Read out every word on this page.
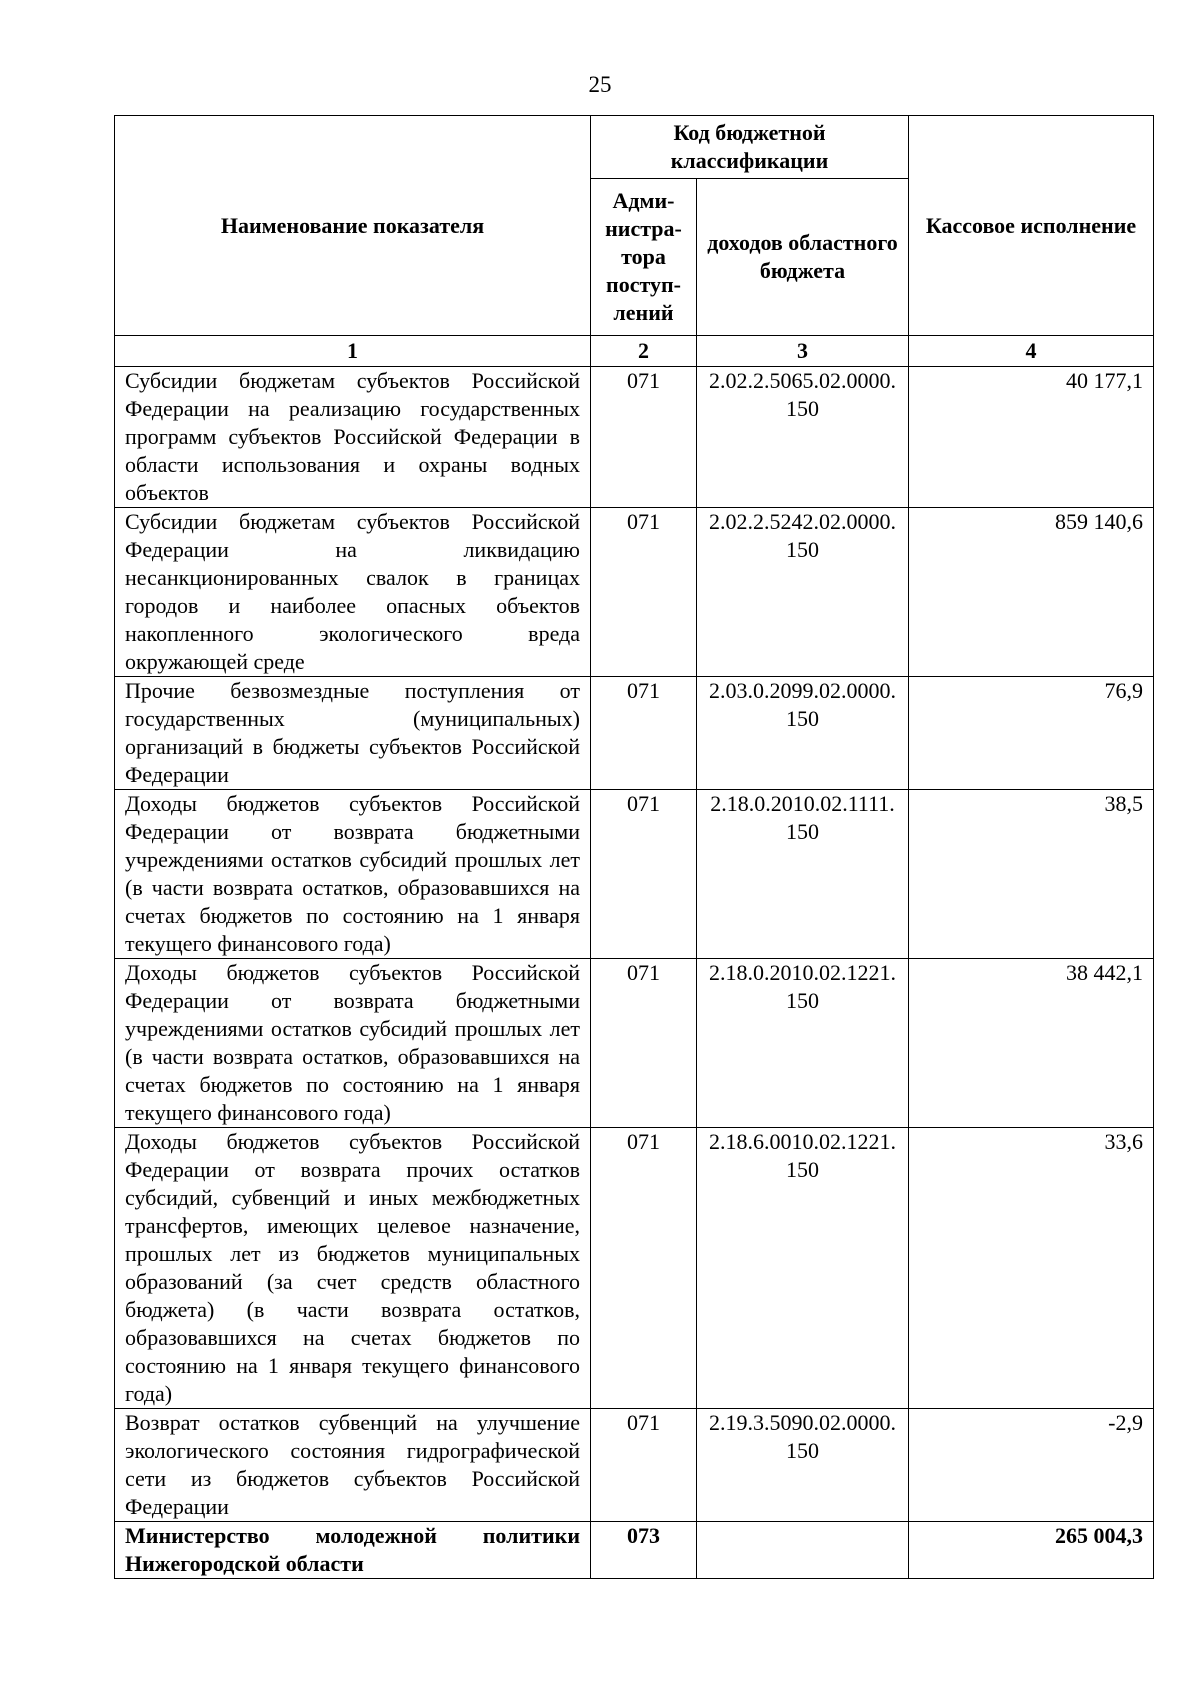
25
Наименование показателя	Код бюджетной классификации		Кассовое исполнение
	Адми-нистра-тора поступ-лений	доходов областного бюджета	
1	2	3	4
Субсидии бюджетам субъектов Российской Федерации на реализацию государственных программ субъектов Российской Федерации в области использования и охраны водных объектов	071	2.02.2.5065.02.0000. 150	40 177,1
Субсидии бюджетам субъектов Российской Федерации на ликвидацию несанкционированных свалок в границах городов и наиболее опасных объектов накопленного экологического вреда окружающей среде	071	2.02.2.5242.02.0000. 150	859 140,6
Прочие безвозмездные поступления от государственных (муниципальных) организаций в бюджеты субъектов Российской Федерации	071	2.03.0.2099.02.0000. 150	76,9
Доходы бюджетов субъектов Российской Федерации от возврата бюджетными учреждениями остатков субсидий прошлых лет (в части возврата остатков, образовавшихся на счетах бюджетов по состоянию на 1 января текущего финансового года)	071	2.18.0.2010.02.1111. 150	38,5
Доходы бюджетов субъектов Российской Федерации от возврата бюджетными учреждениями остатков субсидий прошлых лет (в части возврата остатков, образовавшихся на счетах бюджетов по состоянию на 1 января текущего финансового года)	071	2.18.0.2010.02.1221. 150	38 442,1
Доходы бюджетов субъектов Российской Федерации от возврата прочих остатков субсидий, субвенций и иных межбюджетных трансфертов, имеющих целевое назначение, прошлых лет из бюджетов муниципальных образований (за счет средств областного бюджета) (в части возврата остатков, образовавшихся на счетах бюджетов по состоянию на 1 января текущего финансового года)	071	2.18.6.0010.02.1221. 150	33,6
Возврат остатков субвенций на улучшение экологического состояния гидрографической сети из бюджетов субъектов Российской Федерации	071	2.19.3.5090.02.0000. 150	-2,9
Министерство молодежной политики Нижегородской области	073		265 004,3
